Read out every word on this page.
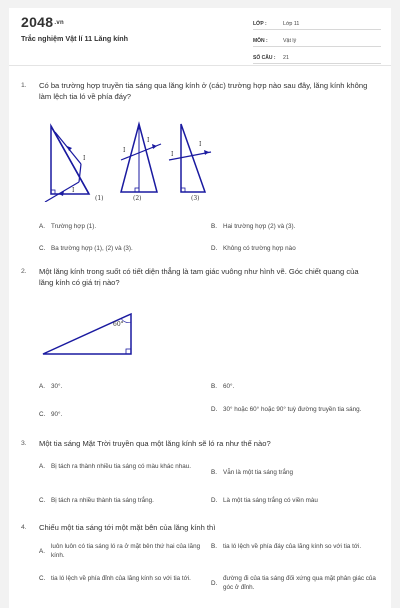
2048.vn
Trắc nghiệm Vật lí 11 Lăng kính
LỚP :	Lớp 11
MÔN :	Vật lý
SỐ CÂU :	21
1. Có ba trường hợp truyền tia sáng qua lăng kính ở (các) trường hợp nào sau đây, lăng kính không làm lệch tia ló về phía đáy?
I
I
(1)
I
I
(2)
I
I
(3)
A. Trường hợp (1).	B. Hai trường hợp (2) và (3).
C. Ba trường hợp (1), (2) và (3).	D. Không có trường hợp nào
2. Một lăng kính trong suốt có tiết diện thẳng là tam giác vuông như hình vẽ. Góc chiết quang của lăng kính có giá trị nào?
60°
A. 30°.	B. 60°.
C. 90°.
D. 30° hoặc 60° hoặc 90° tuỳ đường truyền tia sáng.
3. Một tia sáng Mặt Trời truyền qua một lăng kính sẽ ló ra như thế nào?
A. Bị tách ra thành nhiều tia sáng có màu khác nhau.
B. Vẫn là một tia sáng trắng
C. Bị tách ra nhiều thành tia sáng trắng.	D. Là một tia sáng trắng có viền màu
4. Chiếu một tia sáng tới một mặt bên của lăng kính thì
A.
luôn luôn có tia sáng ló ra ở mặt bên thứ hai của lăng kính.
B. tia ló lệch về phía đáy của lăng kính so với tia tới.
C. tia ló lệch về phía đỉnh của lăng kính so với tia tới.
D.
đường đi của tia sáng đối xứng qua mặt phân giác của góc ở đỉnh.
